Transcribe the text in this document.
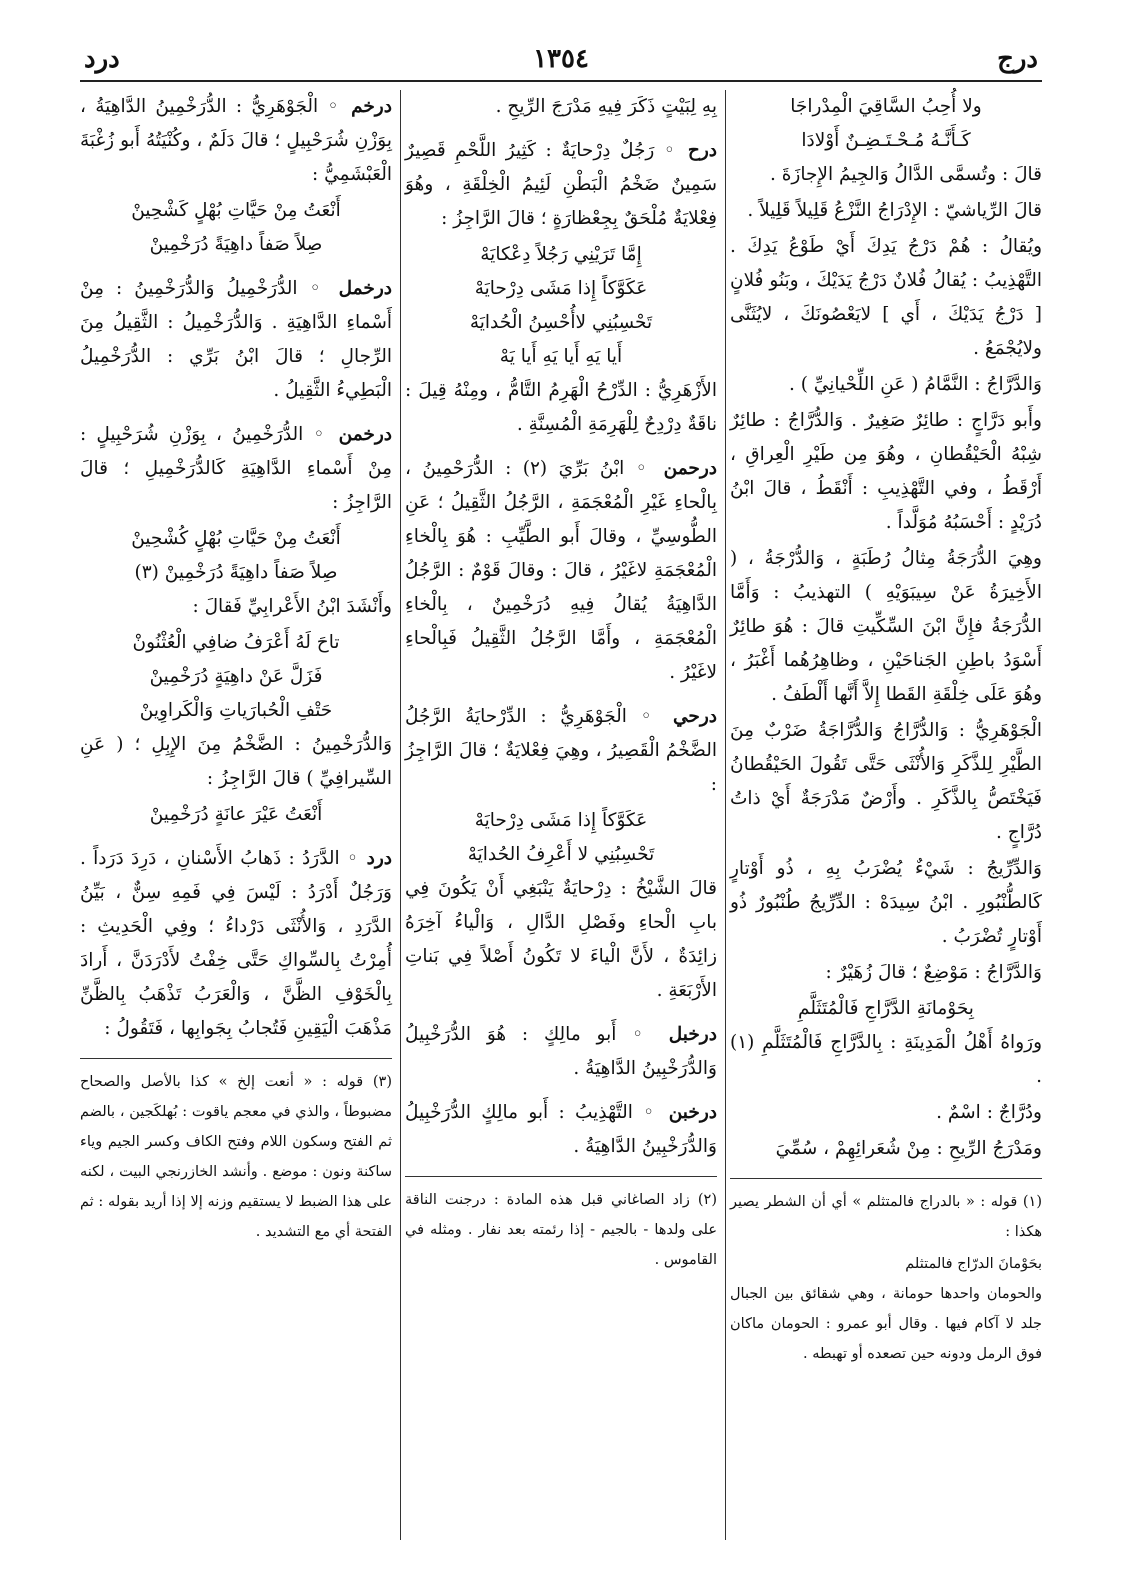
درد	١٣٥٤	درج

ولا أُحِبُ السَّاقِيَ الْمِدْراجَا

كَـأَنَّـهُ مُـحْـتَـضِـنٌ أَوْلادَا

قالَ : وتُسمَّى الدَّالُ وَالجِيمُ الإِجازَةَ .

قالَ الرِّياشيّ : الإِدْرَاجُ النَّزْعُ قَلِيلاً قَلِيلاً .

ويُقالُ : هُمْ دَرْجُ يَدِكَ أَيْ طَوْعُ يَدِكَ . التَّهْذِيبُ : يُقالُ فُلانٌ دَرْجُ يَدَيْكَ ، وبَنُو فُلانٍ [ دَرْجُ يَدَيْكَ ، أَي ] لايَعْصُونَكَ ، لايُثَنَّى ولايُجْمَعُ .

وَالدَّرَّاجُ : النَّمَّامُ ( عَنِ اللِّحْيانِيِّ ) .

وأَبو دَرَّاجٍ : طائِرٌ صَغِيرٌ . وَالدُّرَّاجُ : طائِرٌ شِبْهُ الْحَيْقُطانِ ، وهُوَ مِن طَيْرِ الْعِراقِ ، أَرْقَطُ ، وفي التَّهْذِيبِ : أَنْقَطُ ، قالَ ابْنُ دُرَيْدٍ : أَحْسَبُهُ مُوَلَّداً .

وهِيَ الدُّرَجَةُ مِثالُ رُطَبَةٍ ، وَالدُّرْجَةُ ، ( الأَخِيرَةُ عَنْ سِيبَوَيْهِ ) التهذيبُ : وَأَمَّا الدُّرَجَةُ فإِنَّ ابْنَ السِّكِّيتِ قالَ : هُوَ طائِرٌ أَسْوَدُ باطِنِ الجَناحَيْنِ ، وظاهِرُهُما أَغْبَرُ ، وهُوَ عَلَى خِلْقَةِ القَطا إِلاَّ أَنَّها أَلْطَفُ .

الْجَوْهَرِيُّ : وَالدُّرَّاجُ وَالدُّرَّاجَةُ ضَرْبٌ مِنَ الطَّيْرِ لِلذَّكَرِ وَالأُنْثَى حَتَّى تَقُولَ الحَيْقُطانُ فَيَخْتَصُّ بِالذَّكَرِ . وأَرْضٌ مَدْرَجَةٌ أَيْ ذاتُ دُرَّاجٍ .

وَالدِّرِّيجُ : شَيْءٌ يُضْرَبُ بِهِ ، ذُو أَوْتارٍ كَالطُّنْبُورِ . ابْنُ سِيدَهْ : الدِّرِّيجُ طُنْبُورٌ ذُو أَوْتارٍ تُضْرَبُ .

وَالدَّرَّاجُ : مَوْضِعٌ ؛ قالَ زُهَيْرٌ :

بِحَوْمانَةِ الدَّرَّاجِ فَالْمُتَثَلَّمِ

ورَواهُ أَهْلُ الْمَدِينَةِ : بِالدَّرَّاجِ فَالْمُتَثَلَّمِ (١) .

ودُرَّاجٌ : اسْمٌ .

ومَدْرَجُ الرِّيحِ : مِنْ شُعَرائِهِمْ ، سُمِّيَ

(١) قوله : « بالدراج فالمتثلم » أي أن الشطر يصير هكذا :

بحَوْمانَ الدرّاج فالمتثلم

والحومان واحدها حومانة ، وهي شقائق بين الجبال جلد لا آكام فيها . وقال أبو عمرو : الحومان ماكان فوق الرمل ودونه حين تصعده أو تهبطه .

بِهِ لِبَيْتٍ ذَكَرَ فِيهِ مَدْرَجَ الرِّيحِ .

درح ◦ رَجُلٌ دِرْحايَةٌ : كَثِيرُ اللَّحْمِ قَصِيرٌ سَمِينٌ ضَخْمُ الْبَطْنِ لَئِيمُ الْخِلْقَةِ ، وهُوَ فِعْلايَةٌ مُلْحَقٌ بِجِعْظارَةٍ ؛ قالَ الرَّاجِزُ :

إِمَّا تَرَيْنِي رَجُلاً دِعْكايَهْ

عَكَوَّكاً إِذا مَشَى دِرْحايَهْ

تَحْسِبُنِي لاأُحْسِنُ الْحُدايَهْ

أَيا يَهِ أَيا يَهِ أَيا يَهْ

الأَزْهَرِيُّ : الدِّرْحُ الْهَرِمُ التَّامُّ ، ومِنْهُ قِيلَ : ناقَةٌ دِرْدِحٌ لِلْهَرِمَةِ الْمُسِنَّةِ .

درحمن ◦ ابْنُ بَرِّيَ (٢) : الدُّرَحْمِينُ ، بِالْحاءِ غَيْرِ الْمُعْجَمَةِ ، الرَّجُلُ الثَّقِيلُ ؛ عَنِ الطُّوسِيِّ ، وقالَ أَبو الطَّيِّبِ : هُوَ بِالْخاءِ الْمُعْجَمَةِ لاغَيْرُ ، قالَ : وقالَ قَوْمٌ : الرَّجُلُ الدَّاهِيَةُ يُقالُ فِيهِ دُرَخْمِينٌ ، بِالْخاءِ الْمُعْجَمَةِ ، وأَمَّا الرَّجُلُ الثَّقِيلُ فَبِالْحاءِ لاغَيْرُ .

درحي ◦ الْجَوْهَرِيُّ : الدِّرْحايَةُ الرَّجُلُ الضَّخْمُ الْقَصِيرُ ، وهِيَ فِعْلايَةٌ ؛ قالَ الرَّاجِزُ :

عَكَوَّكاً إِذا مَشَى دِرْحايَهْ

تَحْسِبُنِي لا أَعْرِفُ الحُدايَهْ

قالَ الشَّيْخُ : دِرْحايَةٌ يَنْبَغِي أَنْ يَكُونَ فِي بابِ الْحاءِ وفَصْلِ الدَّالِ ، وَالْياءُ آخِرَهُ زائِدَةٌ ، لأَنَّ الْياءَ لا تَكُونُ أَصْلاً فِي بَناتِ الأَرْبَعَةِ .

درخبل ◦ أَبو مالِكٍ : هُوَ الدُّرَخْبِيلُ وَالدُّرَخْبِينُ الدَّاهِيَةُ .

درخبن ◦ التَّهْذِيبُ : أَبو مالِكٍ الدُّرَخْبِيلُ وَالدُّرَخْبِينُ الدَّاهِيَةُ .

(٢) زاد الصاغاني قبل هذه المادة : درجنت الناقة على ولدها - بالجيم - إذا رئمته بعد نفار . ومثله في القاموس .

درخم ◦ الْجَوْهَرِيُّ : الدُّرَخْمِينُ الدَّاهِيَةُ ، بِوَزْنِ شُرَحْبِيلٍ ؛ قالَ دَلَمٌ ، وكُنْيَتُهُ أَبو زُغْبَةَ الْعَبْشَمِيُّ :

أَنْعَتُ مِنْ حَيَّاتِ بُهْلٍ كَشْحِينْ

صِلاً صَفاً داهِيَةً دُرَخْمِينْ

درخمل ◦ الدُّرَخْمِيلُ وَالدُّرَخْمِينُ : مِنْ أَسْماءِ الدَّاهِيَةِ . وَالدُّرَخْمِيلُ : الثَّقِيلُ مِنَ الرِّجالِ ؛ قالَ ابْنُ بَرِّي : الدُّرَخْمِيلُ الْبَطِيءُ الثَّقِيلُ .

درخمن ◦ الدُّرَخْمِينُ ، بِوَزْنِ شُرَحْبِيلٍ : مِنْ أَسْماءِ الدَّاهِيَةِ كَالدُّرَخْمِيلِ ؛ قالَ الرَّاجِزُ :

أَنْعَتُ مِنْ حَيَّاتِ بُهْلٍ كُشْحِينْ

صِلاً صَفاً داهِيَةً دُرَخْمِينْ (٣)

وأَنْشَدَ ابْنُ الأَعْرابِيِّ فَقالَ :

تاحَ لَهُ أَعْرَفُ ضافِي الْعُثْنُونْ

فَزَلَّ عَنْ داهِيَةٍ دُرَخْمِينْ

حَتْفِ الْحُبارَياتِ وَالْكَراوِينْ

وَالدُّرَخْمِينُ : الضَّخْمُ مِنَ الإِبِلِ ؛ ( عَنِ السِّيرافِيِّ ) قالَ الرَّاجِزُ :

أَنْعَتُ عَيْرَ عانَةٍ دُرَخْمِينْ

درد ◦ الدَّرَدُ : ذَهابُ الأَسْنانِ ، دَرِدَ دَرَداً . وَرَجُلٌ أَدْرَدُ : لَيْسَ فِي فَمِهِ سِنٌّ ، بَيِّنُ الدَّرَدِ ، وَالأُنْثَى دَرْداءُ ؛ وفِي الْحَدِيثِ : أُمِرْتُ بِالسِّواكِ حَتَّى خِفْتُ لأَدْرَدَنَّ ، أَرادَ بِالْخَوْفِ الظَّنَّ ، وَالْعَرَبُ تَذْهَبُ بِالظَّنِّ مَذْهَبَ الْيَقِينِ فَتُجابُ بِجَوابِها ، فَتَقُولُ :

(٣) قوله : « أنعت إلخ » كذا بالأصل والصحاح مضبوطاً ، والذي في معجم ياقوت : بُهلكَجين ، بالضم ثم الفتح وسكون اللام وفتح الكاف وكسر الجيم وياء ساكنة ونون : موضع . وأنشد الخازرنجي البيت ، لكنه على هذا الضبط لا يستقيم وزنه إلا إذا أريد بقوله : ثم الفتحة أي مع التشديد .
